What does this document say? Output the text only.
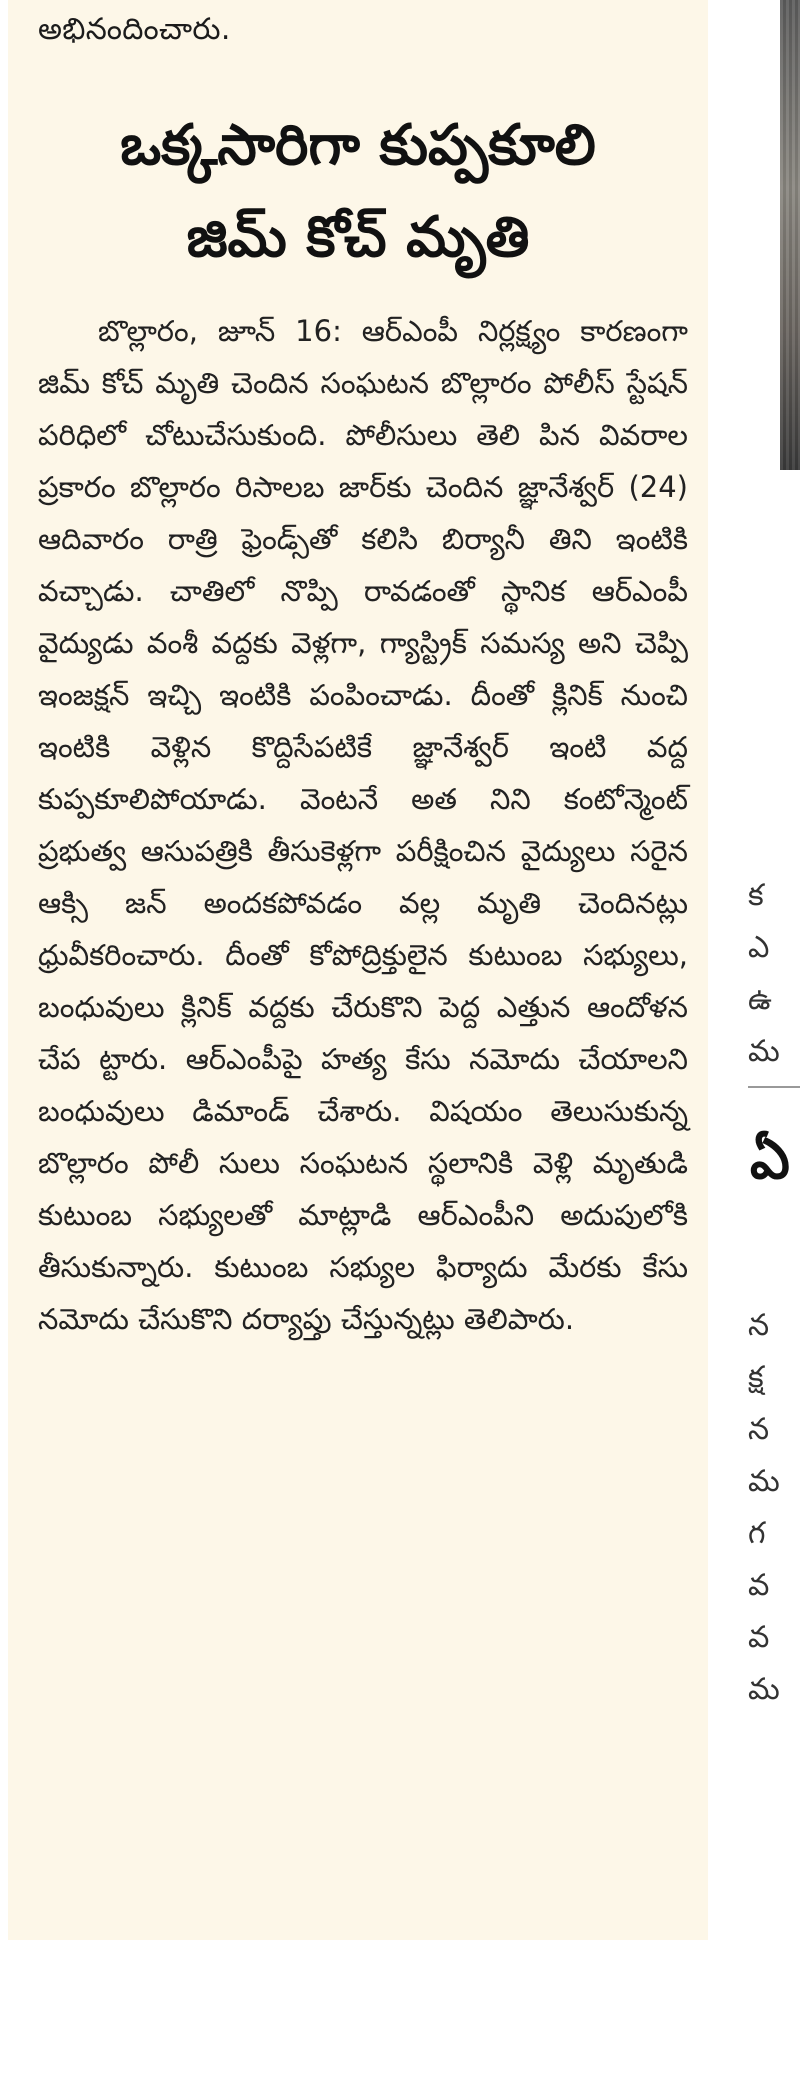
అభినందించారు.
ఒక్కసారిగా కుప్పకూలి
జిమ్ కోచ్ మృతి
బొల్లారం, జూన్ 16: ఆర్ఎంపీ నిర్లక్ష్యం కారణంగా జిమ్ కోచ్ మృతి చెందిన సంఘటన బొల్లారం పోలీస్ స్టేషన్ పరిధిలో చోటుచేసుకుంది. పోలీసులు తెలి పిన వివరాల ప్రకారం బొల్లారం రిసాలబ జార్‌కు చెందిన జ్ఞానేశ్వర్ (24) ఆదివారం రాత్రి ఫ్రెండ్స్‌తో కలిసి బిర్యానీ తిని ఇంటికి వచ్చాడు. చాతిలో నొప్పి రావడంతో స్థానిక ఆర్ఎంపీ వైద్యుడు వంశీ వద్దకు వెళ్లగా, గ్యాస్ట్రిక్ సమస్య అని చెప్పి ఇంజక్షన్ ఇచ్చి ఇంటికి పంపించాడు. దీంతో క్లినిక్ నుంచి ఇంటికి వెళ్లిన కొద్దిసేపటికే జ్ఞానేశ్వర్ ఇంటి వద్ద కుప్పకూలిపోయాడు. వెంటనే అత నిని కంటోన్మెంట్ ప్రభుత్వ ఆసుపత్రికి తీసుకెళ్లగా పరీక్షించిన వైద్యులు సరైన ఆక్సి జన్ అందకపోవడం వల్ల మృతి చెందినట్లు ధ్రువీకరించారు. దీంతో కోపోద్రిక్తులైన కుటుంబ సభ్యులు, బంధువులు క్లినిక్ వద్దకు చేరుకొని పెద్ద ఎత్తున ఆందోళన చేప ట్టారు. ఆర్ఎంపీపై హత్య కేసు నమోదు చేయాలని బంధువులు డిమాండ్ చేశారు. విషయం తెలుసుకున్న బొల్లారం పోలీ సులు సంఘటన స్థలానికి వెళ్లి మృతుడి కుటుంబ సభ్యులతో మాట్లాడి ఆర్ఎంపీని అదుపులోకి తీసుకున్నారు. కుటుంబ సభ్యుల ఫిర్యాదు మేరకు కేసు నమోదు చేసుకొని దర్యాప్తు చేస్తున్నట్లు తెలిపారు.
క
ఎ
ఉ
మ
ఏ
న
క్ష
న
మ
గ
వ
వ
మ
